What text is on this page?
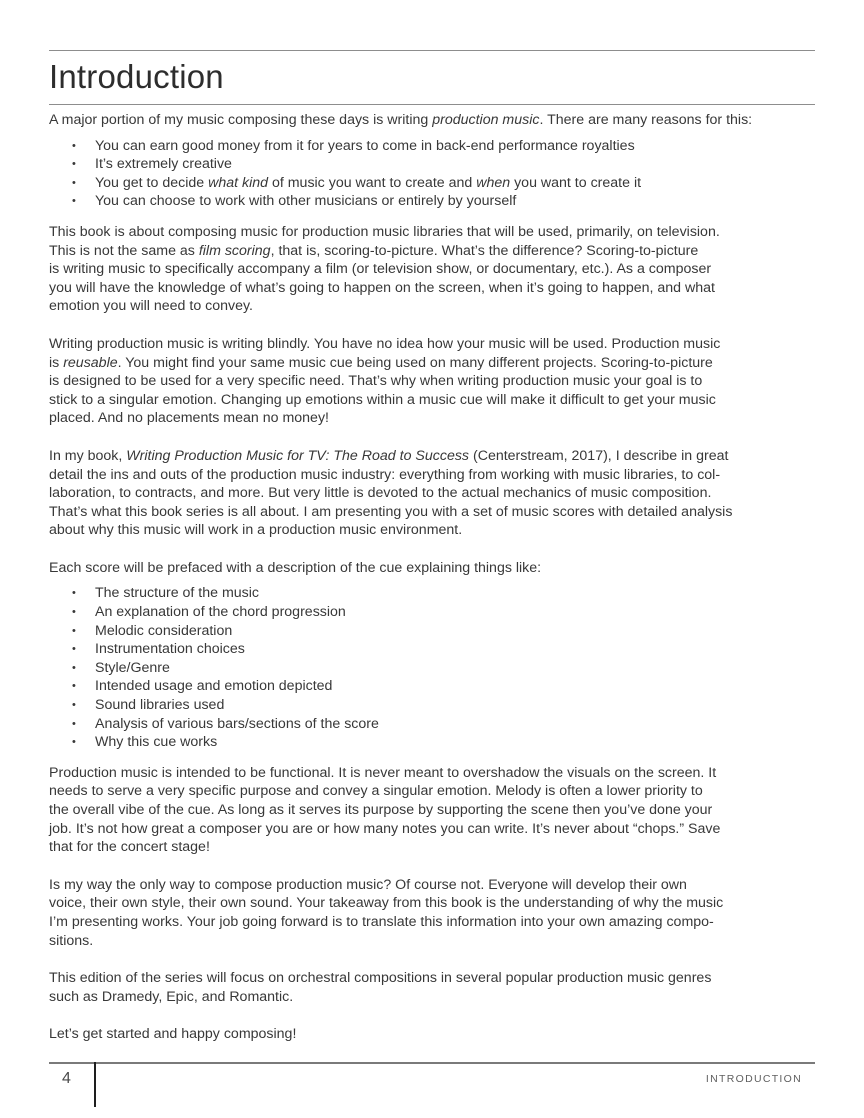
Introduction

A major portion of my music composing these days is writing production music. There are many reasons for this:

• You can earn good money from it for years to come in back-end performance royalties
• It’s extremely creative
• You get to decide what kind of music you want to create and when you want to create it
• You can choose to work with other musicians or entirely by yourself

This book is about composing music for production music libraries that will be used, primarily, on television.
This is not the same as film scoring, that is, scoring-to-picture. What’s the difference? Scoring-to-picture
is writing music to specifically accompany a film (or television show, or documentary, etc.). As a composer
you will have the knowledge of what’s going to happen on the screen, when it’s going to happen, and what
emotion you will need to convey.

Writing production music is writing blindly. You have no idea how your music will be used. Production music
is reusable. You might find your same music cue being used on many different projects. Scoring-to-picture
is designed to be used for a very specific need. That’s why when writing production music your goal is to
stick to a singular emotion. Changing up emotions within a music cue will make it difficult to get your music
placed. And no placements mean no money!

In my book, Writing Production Music for TV: The Road to Success (Centerstream, 2017), I describe in great
detail the ins and outs of the production music industry: everything from working with music libraries, to col-
laboration, to contracts, and more. But very little is devoted to the actual mechanics of music composition.
That’s what this book series is all about. I am presenting you with a set of music scores with detailed analysis
about why this music will work in a production music environment.

Each score will be prefaced with a description of the cue explaining things like:

• The structure of the music
• An explanation of the chord progression
• Melodic consideration
• Instrumentation choices
• Style/Genre
• Intended usage and emotion depicted
• Sound libraries used
• Analysis of various bars/sections of the score
• Why this cue works

Production music is intended to be functional. It is never meant to overshadow the visuals on the screen. It
needs to serve a very specific purpose and convey a singular emotion. Melody is often a lower priority to
the overall vibe of the cue. As long as it serves its purpose by supporting the scene then you’ve done your
job. It’s not how great a composer you are or how many notes you can write. It’s never about “chops.” Save
that for the concert stage!

Is my way the only way to compose production music? Of course not. Everyone will develop their own
voice, their own style, their own sound. Your takeaway from this book is the understanding of why the music
I’m presenting works. Your job going forward is to translate this information into your own amazing compo-
sitions.

This edition of the series will focus on orchestral compositions in several popular production music genres
such as Dramedy, Epic, and Romantic.

Let’s get started and happy composing!

4	INTRODUCTION
